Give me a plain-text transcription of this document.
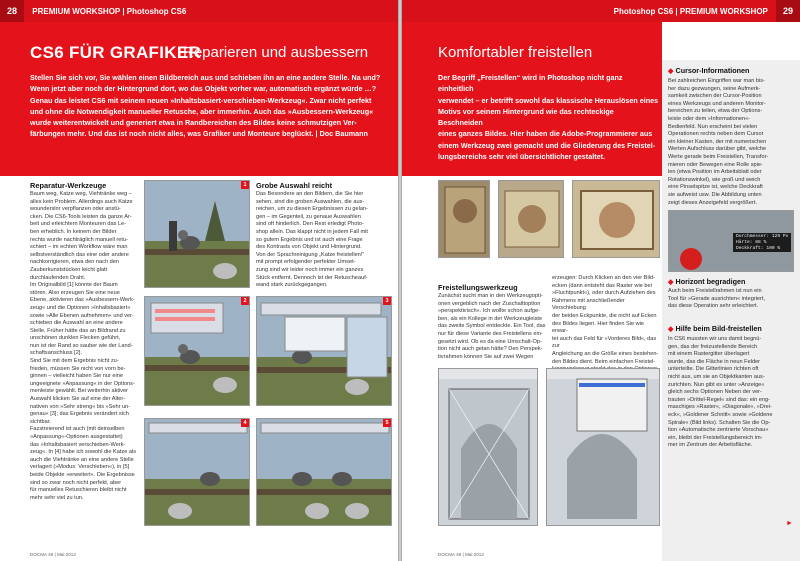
28 PREMIUM WORKSHOP | Photoshop CS6
CS6 FÜR GRAFIKER
Reparieren und ausbessern
Stellen Sie sich vor, Sie wählen einen Bildbereich aus und schieben ihn an eine andere Stelle. Na und?
Wenn jetzt aber noch der Hintergrund dort, wo das Objekt vorher war, automatisch ergänzt würde …?
Genau das leistet CS6 mit seinem neuen »Inhaltsbasiert-verschieben-Werkzeug«. Zwar nicht perfekt
und ohne die Notwendigkeit manueller Retusche, aber immerhin. Auch das »Ausbessern-Werkzeug«
wurde weiterentwickelt und generiert etwa in Randbereichen des Bildes keine schmutzigen Ver-
färbungen mehr. Und das ist noch nicht alles, was Grafiker und Monteure beglückt. | Doc Baumann
Reparatur-Werkzeuge
Baum weg, Katze weg, Viehtränke weg –
alles kein Problem. Allerdings auch Katze
wounderslnr verpflanzen oder anstü-
cken. Die CS6-Tools leisten da ganze Ar-
beit und erleichtern Monteuren das Le-
ben erheblich. In keinem der Bilder
rechts wurde nachträglich manuell retu-
schiert – im echten Workflow wäre man
selbstverständlich das eine oder andere
nachkorrigieren, etwa den nach den
Zauberkunststücken leicht glatt
durchlaufenden Draht.
Im Originalbild [1] könnte der Baum
stören. Also erzeugen Sie eine neue
Ebene, aktivieren das »Ausbessern-Werk-
zeug« und die Optionen »Inhaltsbasiert«
sowie »Alle Ebenen aufnehmen« und ver-
schieben die Auswahl an eine andere
Stelle. Früher hätte das an Bildrand zu
unschönen dunklen Flecken geführt,
nun ist der Rand so sauber wie der Land-
schaftsanschluss [2].
Sind Sie mit dem Ergebnis nicht zu-
frieden, müssen Sie nicht von vorn be-
ginnen – vielleicht haben Sie nur eine
ungeeignete »Anpassung« in der Options-
menleiste gewählt. Bei weiterhin aktiver
Auswahl klicken Sie auf eine der Alter-
nativen von »Sehr streng« bis »Sehr un-
genau« [3]; das Ergebnis verändert sich
sichtbar.
Fazstreierend ist auch (mit deinselben
»Anpassung«-Optionen ausgestattet)
das »Inhaltsbasiert verschieben-Werk-
zeug«. In [4] habe ich sowohl die Katze als
auch die Viehtränke an eine andere Stelle
verlagert (»Modus: Verschieben«), in [5]
beide Objekte »erweitert«. Die Ergebnisse
sind so zwar noch nicht perfekt, aber
für manuelles Retuschieren bleibt nicht
mehr sehr viel zu tun.
1
2	3
4	5
Grobe Auswahl reicht
Das Besondere an den Bildern, die Sie hier
sehen, sind die groben Auswahlen, die aus-
reichen, um zu diesen Ergebnissen zu gelan-
gen – im Gegenteil, zu genaue Auswahlen
sind oft hinderlich. Den Rest erledigt Photo-
shop allein. Das klappt nicht in jedem Fall mit
so gutem Ergebnis und ist auch eine Frage
des Kontrasts von Objekt und Hintergrund.
Von der Sprachreinigung „Katze freistellen!“
mit prompt erfolgender perfekter Umset-
zung sind wir leider noch immer ein ganzes
Stück entfernt. Dennoch ist der Retuscheauf-
wand stark zurückgegangen.
DOCMA 46 | Mai 2012
Photoshop CS6 | PREMIUM WORKSHOP 29
Komfortabler freistellen
Der Begriff „Freistellen“ wird in Photoshop nicht ganz einheitlich
verwendet – er betrifft sowohl das klassische Herauslösen eines
Motivs vor seinem Hintergrund wie das rechteckige Beschneiden
eines ganzes Bildes. Hier haben die Adobe-Programmierer aus
einem Werkzeug zwei gemacht und die Gliederung des Freistel-
lungsbereichs sehr viel übersichtlicher gestaltet.
Freistellungswerkzeug
Zunächst sucht man in den Werkzeugopti-
onen vergeblich nach der Zuschalttoption
»perspektivisch«. Ich wollte schon aufge-
ben, als ein Kollege in der Werkzeugleiste
das zweite Symbol entdeckte. Ein Tool, das
nur für diese Variante des Freistellens ein-
gesetzt wird. Ob es da eine Umschalt-Op-
tion nicht auch getan hätte? Den Perspek-
tivrahmen können Sie auf zwei Wegen
erzeugen: Durch Klicken an den vier Bild-
ecken (dann entsteht das Raster wie bei
»Fluchtpunkt«), oder durch Aufziehen des
Rahmens mit anschließender Verschiebung
der beiden Eckpunkte, die nicht auf Ecken
des Bildes liegen. Hier finden Sie wie erwar-
tet auch das Feld für »Vorderes Bild«, das zur
Angleichung an die Größe eines bestehen-
den Bildes dient. Beim einfachen Freistel-
◆ Cursor-Informationen
Bei zahlreichen Eingriffen war man bis-
her dazu gezwungen, seine Aufmerk-
samkeit zwischen der Cursor-Position
eines Werkzeugs und anderen Monitor-
bereichen zu teilen, etwa der Options-
leiste oder dem »Informationen«-
Bedienfeld. Nun erscheint bei vielen
Operationen rechts neben dem Cursor
ein kleiner Kasten, der mit numerischen
Werten Aufschluss darüber gibt, welche
Werte gerade beim Freistellen, Transfor-
mieren oder Bewegen eine Rolle spie-
len (etwa Position im Arbeitsblatt oder
Rotationswinkel), wie groß und weich
eine Pinselspitze ist, welche Deckkraft
sie aufweist usw. Die Abbildung unten
zeigt dieses Anzeigefeld vergrößert.
Durchmesser: 129 Px
Härte: 88 %
Deckkraft: 100 %
◆ Horizont begradigen
Auch beim Freistellrahmen ist nun ein
Tool für »Gerade ausrichten« integriert,
das diese Operation sehr erleichtert.
◆ Hilfe beim Bild-freistellen
In CS6 mussten wir uns damit begnü-
gen, das der freizustellende Bereich
mit einem Rastergitter überlagert
wurde, das die Fläche in neun Felder
unterteilte. Die Gitterlinien richten oft
nicht aus, um sie an Objektkanten aus-
zurichten. Nun gibt es unter »Anzeige«
gleich sechs Optionen Neben der ver-
trauten »Drittel-Regel« sind das: ein eng-
maschiges »Raster«, »Diagonale«, »Drei-
eck«, »Goldener Schnitt« sowie »Goldene
Spirale« (Bild links). Schalten Sie die Op-
tion »Automatische zentrierte Vorschau«
ein, bleibt der Freistellungsbereich im-
mer im Zentrum der Arbeitsfläche.
►
DOCMA 46 | Mai 2012
